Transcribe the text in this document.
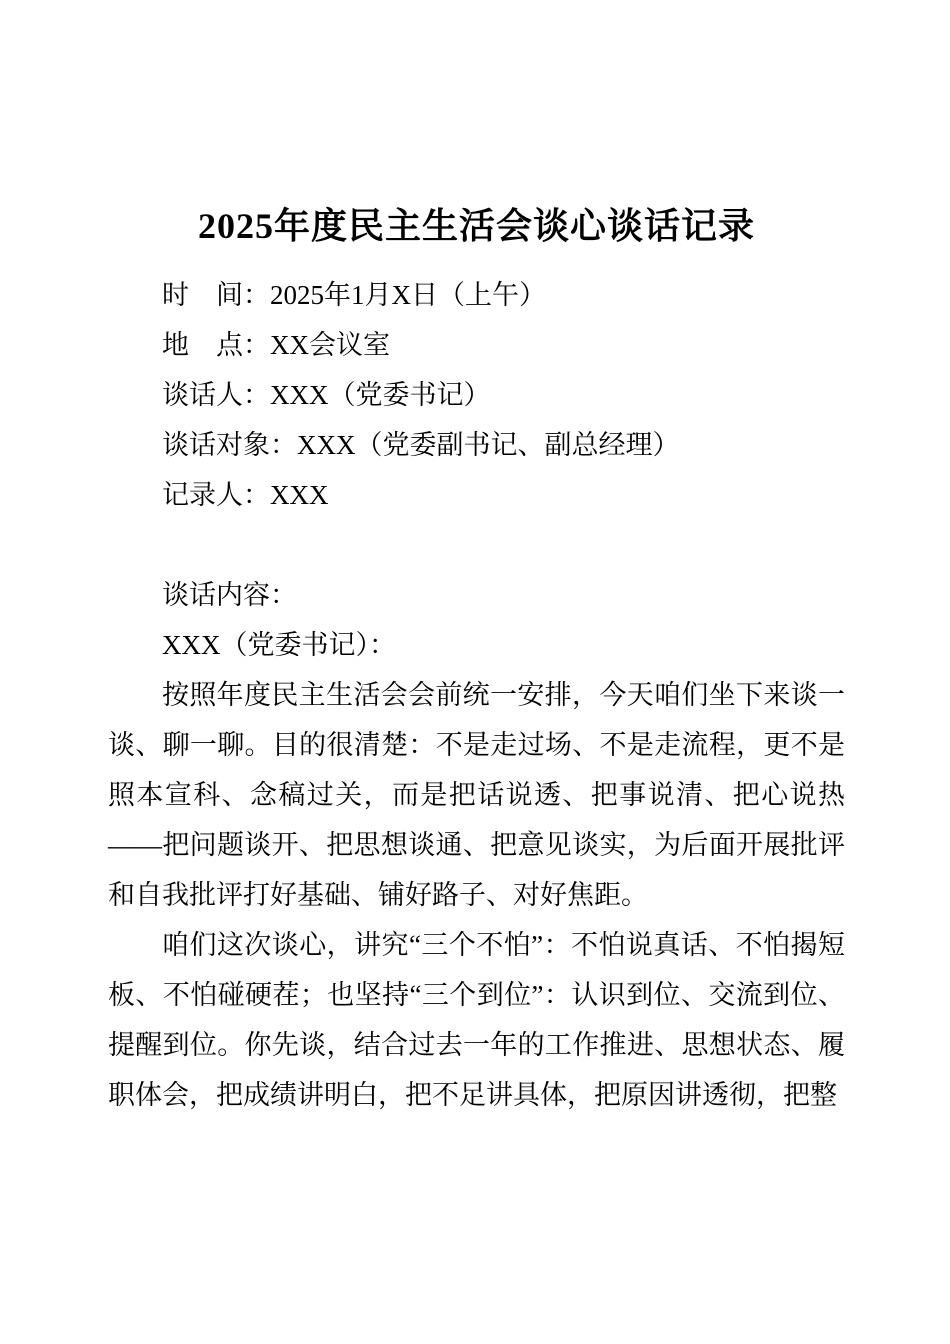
2025年度民主生活会谈心谈话记录

时　间：2025年1月X日（上午）

地　点：XX会议室

谈话人：XXX（党委书记）

谈话对象：XXX（党委副书记、副总经理）

记录人：XXX

谈话内容：

XXX（党委书记）：

按照年度民主生活会会前统一安排，今天咱们坐下来谈一谈、聊一聊。目的很清楚：不是走过场、不是走流程，更不是照本宣科、念稿过关，而是把话说透、把事说清、把心说热——把问题谈开、把思想谈通、把意见谈实，为后面开展批评和自我批评打好基础、铺好路子、对好焦距。

咱们这次谈心，讲究“三个不怕”：不怕说真话、不怕揭短板、不怕碰硬茬；也坚持“三个到位”：认识到位、交流到位、提醒到位。你先谈，结合过去一年的工作推进、思想状态、履职体会，把成绩讲明白，把不足讲具体，把原因讲透彻，把整
